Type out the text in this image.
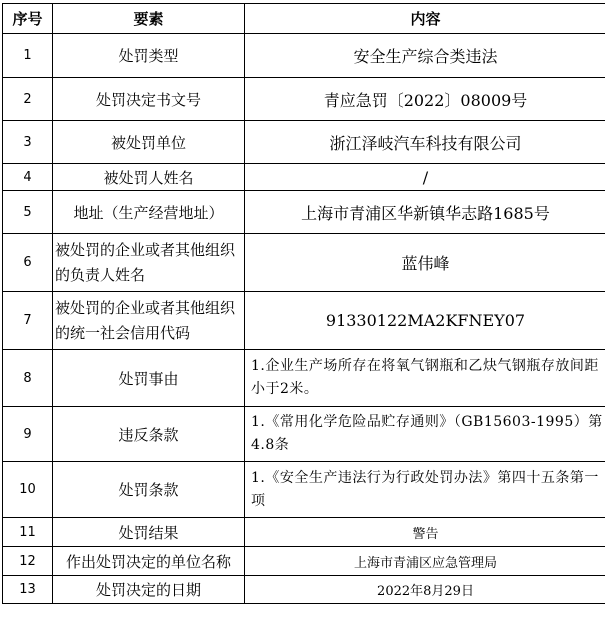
序号	要素	内容
1	处罚类型	安全生产综合类违法
2	处罚决定书文号	青应急罚〔2022〕08009号
3	被处罚单位	浙江泽岐汽车科技有限公司
4	被处罚人姓名	/
5	地址（生产经营地址）	上海市青浦区华新镇华志路1685号
6	被处罚的企业或者其他组织的负责人姓名	蓝伟峰
7	被处罚的企业或者其他组织的统一社会信用代码	91330122MA2KFNEY07
8	处罚事由	1.企业生产场所存在将氧气钢瓶和乙炔气钢瓶存放间距小于2米。
9	违反条款	1.《常用化学危险品贮存通则》（GB15603-1995）第4.8条
10	处罚条款	1.《安全生产违法行为行政处罚办法》第四十五条第一项
11	处罚结果	警告
12	作出处罚决定的单位名称	上海市青浦区应急管理局
13	处罚决定的日期	2022年8月29日
